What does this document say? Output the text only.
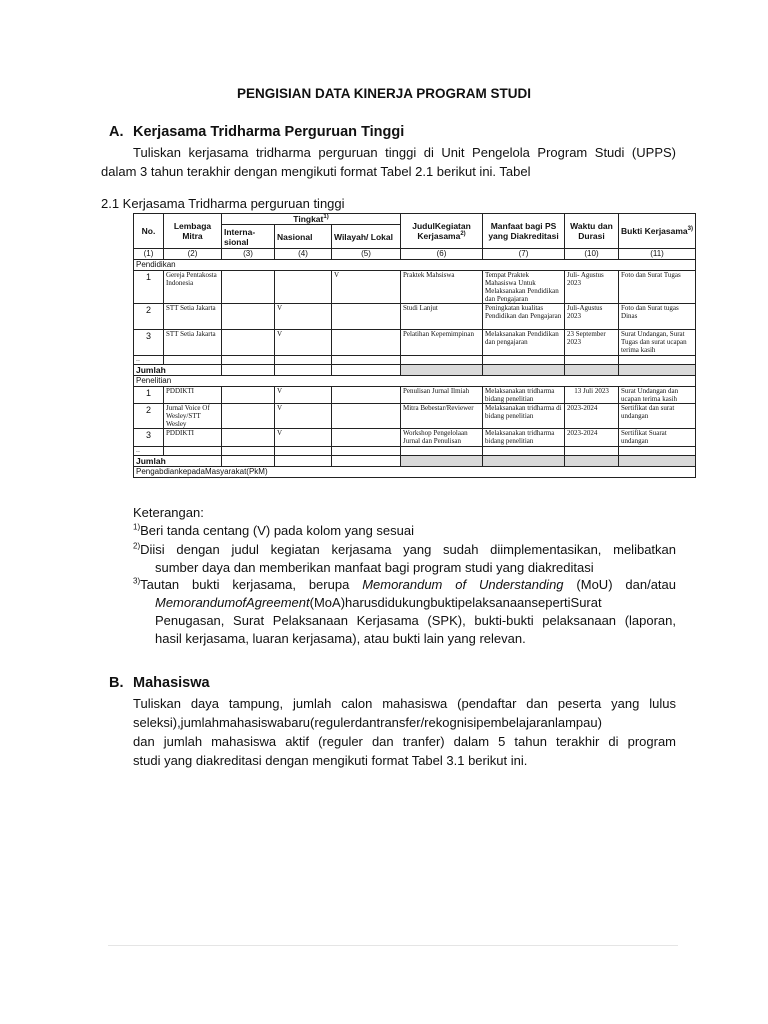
PENGISIAN DATA KINERJA PROGRAM STUDI
A. Kerjasama Tridharma Perguruan Tinggi
Tuliskan kerjasama tridharma perguruan tinggi di Unit Pengelola Program Studi (UPPS)
dalam 3 tahun terakhir dengan mengikuti format Tabel 2.1 berikut ini. Tabel
2.1 Kerjasama Tridharma perguruan tinggi
No.	Lembaga Mitra	Tingkat$^{1)}$			JudulKegiatan Kerjasama$^{2)}$	Manfaat bagi PS yang Diakreditasi	Waktu dan Durasi	Bukti Kerjasama$^{3)}$
		Interna-sional	Nasional	Wilayah/ Lokal				
(1)	(2)	(3)	(4)	(5)	(6)	(7)	(10)	(11)
Pendidikan								
1	Gereja Pentakosta Indonesia			V	Praktek Mahsiswa	Tempat Praktek Mahasiswa Untuk Melaksanakan Pendidikan dan Pengajaran	Juli- Agustus 2023	Foto dan Surat Tugas
2	STT Setia Jakarta		V		Studi Lanjut	Peningkatan kualitas Pendidikan dan Pengajaran	Juli-Agustus 2023	Foto dan Surat tugas Dinas
3	STT Setia Jakarta		V		Pelatihan Kepemimpinan	Melaksanakan Pendidikan dan pengajaran	23 September 2023	Surat Undangan, Surat Tugas dan surat ucapan terima kasih
..								
Jumlah								
Penelitian								
1	PDDIKTI		V		Penulisan Jurnal Ilmiah	Melaksanakan tridharma bidang penelitian	13 Juli 2023	Surat Undangan dan ucapan terima kasih
2	Jurnal Voice Of Wesley/STT Wesley		V		Mitra Bebestar/Reviewer	Melaksanakan tridharma di bidang penelitian	2023-2024	Sertifikat dan surat undangan
3	PDDIKTI		V		Workshop Pengelolaan Jurnal dan Penulisan	Melaksanakan tridharma bidang penelitian	2023-2024	Sertifikat Suarat undangan
..								
Jumlah								
PengabdiankepadaMasyarakat(PkM)								
Keterangan:
$^{1)}$Beri tanda centang (V) pada kolom yang sesuai
$^{2)}$Diisi dengan judul kegiatan kerjasama yang sudah diimplementasikan, melibatkan
sumber daya dan memberikan manfaat bagi program studi yang diakreditasi
$^{3)}$Tautan bukti kerjasama, berupa Memorandum of Understanding (MoU) dan/atau
MemorandumofAgreement(MoA)harusdidukungbuktipelaksanaansepertiSurat
Penugasan, Surat Pelaksanaan Kerjasama (SPK), bukti-bukti pelaksanaan (laporan,
hasil kerjasama, luaran kerjasama), atau bukti lain yang relevan.
B. Mahasiswa
Tuliskan daya tampung, jumlah calon mahasiswa (pendaftar dan peserta yang lulus
seleksi),jumlahmahasiswabaru(regulerdantransfer/rekognisipembelajaranlampau)
dan jumlah mahasiswa aktif (reguler dan tranfer) dalam 5 tahun terakhir di program
studi yang diakreditasi dengan mengikuti format Tabel 3.1 berikut ini.
